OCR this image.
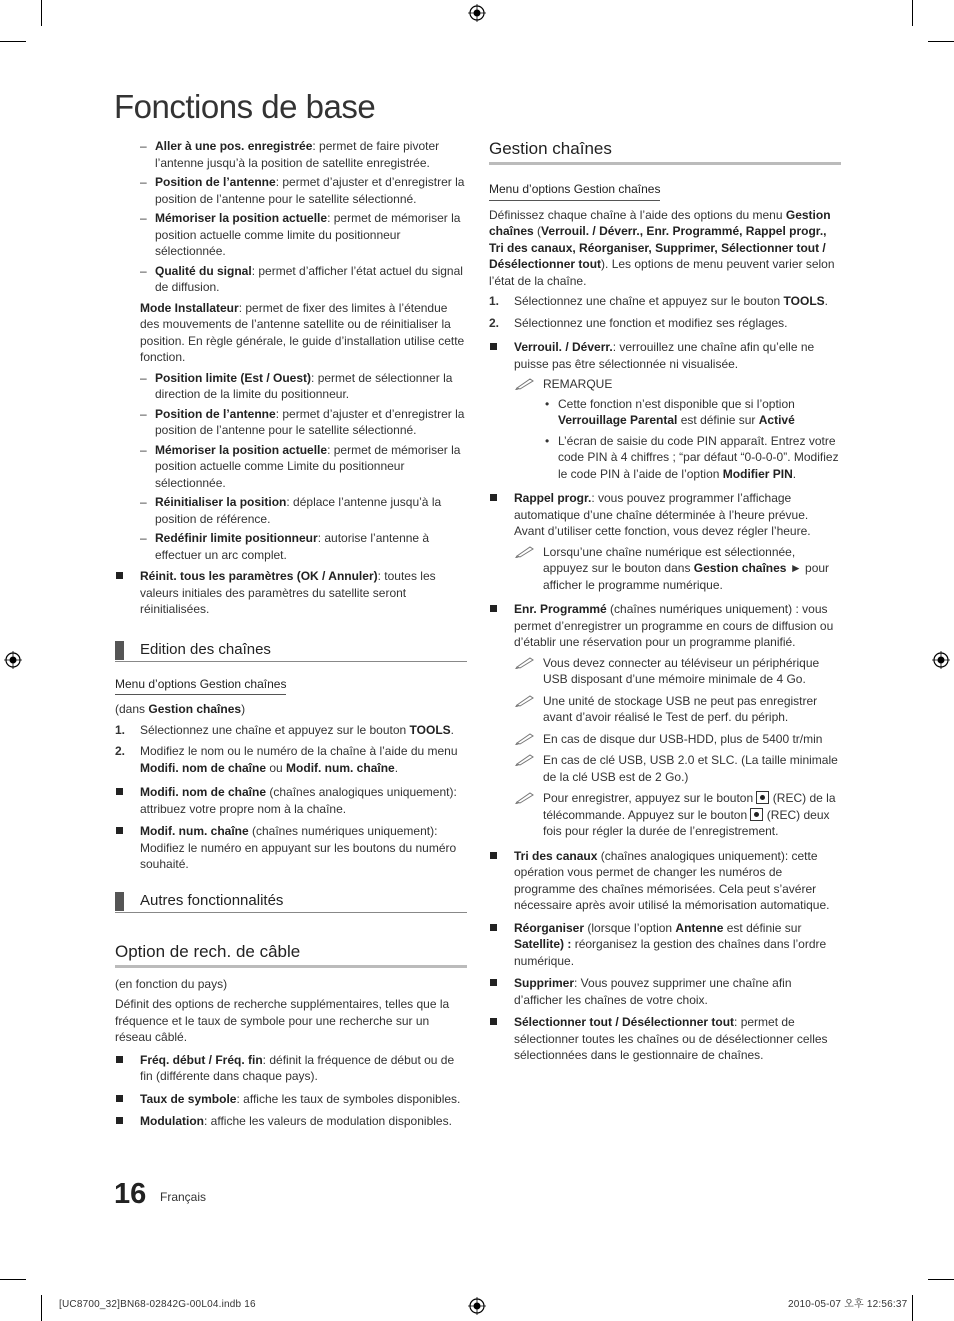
Fonctions de base
– Aller à une pos. enregistrée: permet de faire pivoter l’antenne jusqu’à la position de satellite enregistrée.
– Position de l’antenne: permet d’ajuster et d’enregistrer la position de l’antenne pour le satellite sélectionné.
– Mémoriser la position actuelle: permet de mémoriser la position actuelle comme limite du positionneur sélectionnée.
– Qualité du signal: permet d’afficher l’état actuel du signal de diffusion.
Mode Installateur: permet de fixer des limites à l’étendue des mouvements de l’antenne satellite ou de réinitialiser la position. En règle générale, le guide d’installation utilise cette fonction.
– Position limite (Est / Ouest): permet de sélectionner la direction de la limite du positionneur.
– Position de l’antenne: permet d’ajuster et d’enregistrer la position de l’antenne pour le satellite sélectionné.
– Mémoriser la position actuelle: permet de mémoriser la position actuelle comme Limite du positionneur sélectionnée.
– Réinitialiser la position: déplace l’antenne jusqu’à la position de référence.
– Redéfinir limite positionneur: autorise l’antenne à effectuer un arc complet.
Réinit. tous les paramètres (OK / Annuler): toutes les valeurs initiales des paramètres du satellite seront réinitialisées.
Edition des chaînes
Menu d’options Gestion chaînes
(dans Gestion chaînes)
1. Sélectionnez une chaîne et appuyez sur le bouton TOOLS.
2. Modifiez le nom ou le numéro de la chaîne à l’aide du menu Modifi. nom de chaîne ou Modif. num. chaîne.
Modifi. nom de chaîne (chaînes analogiques uniquement): attribuez votre propre nom à la chaîne.
Modif. num. chaîne (chaînes numériques uniquement): Modifiez le numéro en appuyant sur les boutons du numéro souhaité.
Autres fonctionnalités
Option de rech. de câble
(en fonction du pays)
Définit des options de recherche supplémentaires, telles que la fréquence et le taux de symbole pour une recherche sur un réseau câblé.
Fréq. début / Fréq. fin: définit la fréquence de début ou de fin (différente dans chaque pays).
Taux de symbole: affiche les taux de symboles disponibles.
Modulation: affiche les valeurs de modulation disponibles.
Gestion chaînes
Menu d’options Gestion chaînes
Définissez chaque chaîne à l’aide des options du menu Gestion chaînes (Verrouil. / Déverr., Enr. Programmé, Rappel progr., Tri des canaux, Réorganiser, Supprimer, Sélectionner tout / Désélectionner tout). Les options de menu peuvent varier selon l’état de la chaîne.
1. Sélectionnez une chaîne et appuyez sur le bouton TOOLS.
2. Sélectionnez une fonction et modifiez ses réglages.
Verrouil. / Déverr.: verrouillez une chaîne afin qu’elle ne puisse pas être sélectionnée ni visualisée.
REMARQUE
• Cette fonction n’est disponible que si l’option Verrouillage Parental est définie sur Activé
• L’écran de saisie du code PIN apparaît. Entrez votre code PIN à 4 chiffres ; “par défaut “0-0-0-0”. Modifiez le code PIN à l’aide de l’option Modifier PIN.
Rappel progr.: vous pouvez programmer l’affichage automatique d’une chaîne déterminée à l’heure prévue. Avant d’utiliser cette fonction, vous devez régler l’heure.
Lorsqu’une chaîne numérique est sélectionnée, appuyez sur le bouton dans Gestion chaînes ► pour afficher le programme numérique.
Enr. Programmé (chaînes numériques uniquement) : vous permet d’enregistrer un programme en cours de diffusion ou d’établir une réservation pour un programme planifié.
Vous devez connecter au téléviseur un périphérique USB disposant d’une mémoire minimale de 4 Go.
Une unité de stockage USB ne peut pas enregistrer avant d’avoir réalisé le Test de perf. du périph.
En cas de disque dur USB-HDD, plus de 5400 tr/min
En cas de clé USB, USB 2.0 et SLC. (La taille minimale de la clé USB est de 2 Go.)
Pour enregistrer, appuyez sur le bouton  (REC) de la télécommande. Appuyez sur le bouton  (REC) deux fois pour régler la durée de l’enregistrement.
Tri des canaux (chaînes analogiques uniquement): cette opération vous permet de changer les numéros de programme des chaînes mémorisées. Cela peut s’avérer nécessaire après avoir utilisé la mémorisation automatique.
Réorganiser (lorsque l’option Antenne est définie sur Satellite) : réorganisez la gestion des chaînes dans l’ordre numérique.
Supprimer: Vous pouvez supprimer une chaîne afin d’afficher les chaînes de votre choix.
Sélectionner tout / Désélectionner tout: permet de sélectionner toutes les chaînes ou de désélectionner celles sélectionnées dans le gestionnaire de chaînes.
16 Français
[UC8700_32]BN68-02842G-00L04.indb 16	2010-05-07 오후 12:56:37
